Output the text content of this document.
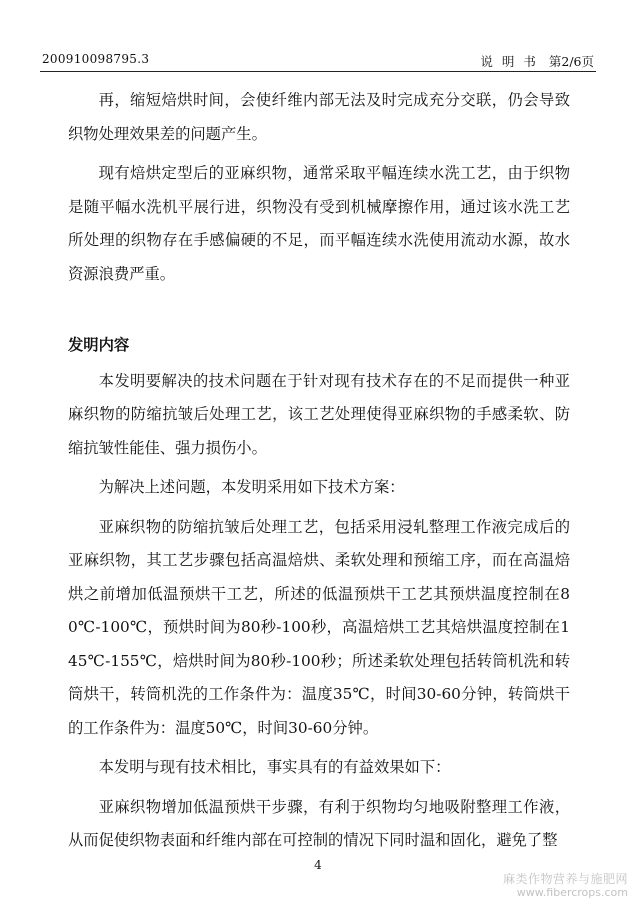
200910098795.3	说明书 第2/6页

再，缩短焙烘时间，会使纤维内部无法及时完成充分交联，仍会导致织物处理效果差的问题产生。

现有焙烘定型后的亚麻织物，通常采取平幅连续水洗工艺，由于织物是随平幅水洗机平展行进，织物没有受到机械摩擦作用，通过该水洗工艺所处理的织物存在手感偏硬的不足，而平幅连续水洗使用流动水源，故水资源浪费严重。

发明内容

本发明要解决的技术问题在于针对现有技术存在的不足而提供一种亚麻织物的防缩抗皱后处理工艺，该工艺处理使得亚麻织物的手感柔软、防缩抗皱性能佳、强力损伤小。

为解决上述问题，本发明采用如下技术方案：

亚麻织物的防缩抗皱后处理工艺，包括采用浸轧整理工作液完成后的亚麻织物，其工艺步骤包括高温焙烘、柔软处理和预缩工序，而在高温焙烘之前增加低温预烘干工艺，所述的低温预烘干工艺其预烘温度控制在80℃-100℃，预烘时间为80秒-100秒，高温焙烘工艺其焙烘温度控制在145℃-155℃，焙烘时间为80秒-100秒；所述柔软处理包括转筒机洗和转筒烘干，转筒机洗的工作条件为：温度35℃，时间30-60分钟，转筒烘干的工作条件为：温度50℃，时间30-60分钟。

本发明与现有技术相比，事实具有的有益效果如下：

亚麻织物增加低温预烘干步骤，有利于织物均匀地吸附整理工作液，从而促使织物表面和纤维内部在可控制的情况下同时温和固化，避免了整

4
麻类作物营养与施肥网
www.fibercrops.com
